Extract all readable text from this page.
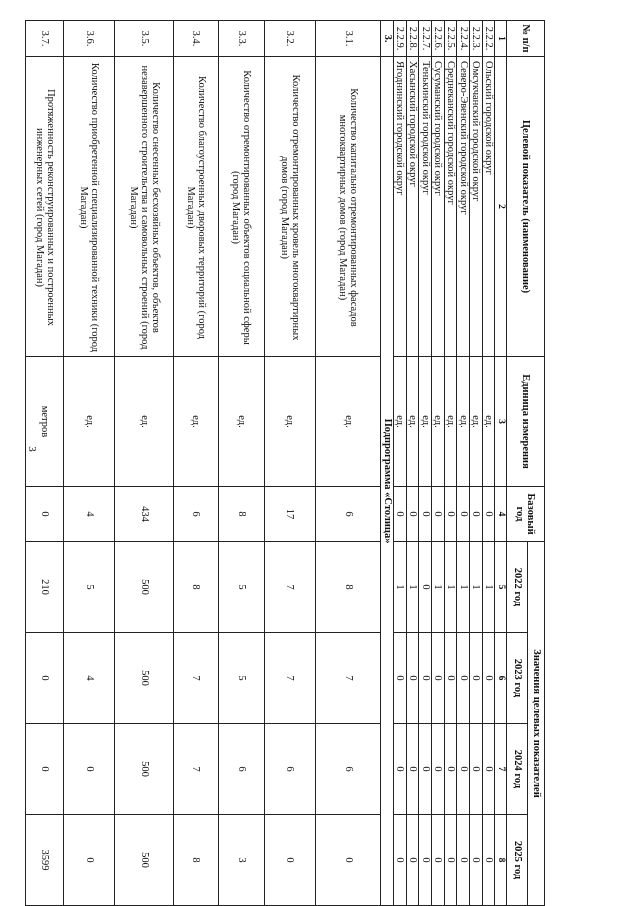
3
№ п/п	Целевой показатель (наименование)	Единица измерения	Базовый год	Значения целевых показателей			
				2022 год	2023 год	2024 год	2025 год
1	2	3	4	5	6	7	8
2.2.2.	Ольский городской округ	ед.	0	1	0	0	0
2.2.3.	Омсукчанский городской округ	ед.	0	1	0	0	0
2.2.4.	Северо-Эвенский городской округ	ед.	0	1	0	0	0
2.2.5.	Среднеканский городской округ	ед.	0	1	0	0	0
2.2.6.	Сусуманский городской округ	ед.	0	1	0	0	0
2.2.7.	Тенькинский городской округ	ед.	0	0	0	0	0
2.2.8.	Хасынский городской округ	ед.	0	1	0	0	0
2.2.9.	Ягоднинский городской округ	ед.	0	1	0	0	0
3.	Подпрограмма «Столица»						
3.1.	Количество капитально отремонтированных фасадов многоквартирных домов (город Магадан)	ед.	6	8	7	6	0
3.2.	Количество отремонтированных кровель многоквартирных домов (город Магадан)	ед.	17	7	7	6	0
3.3.	Количество отремонтированных объектов социальной сферы (город Магадан)	ед.	8	5	5	6	3
3.4.	Количество благоустроенных дворовых территорий (город Магадан)	ед.	6	8	7	7	8
3.5.	Количество снесенных бесхозяйных объектов, объектов незавершенного строительства и самовольных строений (город Магадан)	ед.	434	500	500	500	500
3.6.	Количество приобретенной специализированной техники (город Магадан)	ед.	4	5	4	0	0
3.7.	Протяженность реконструированных и построенных инженерных сетей (город Магадан)	метров	0	210	0	0	3599
